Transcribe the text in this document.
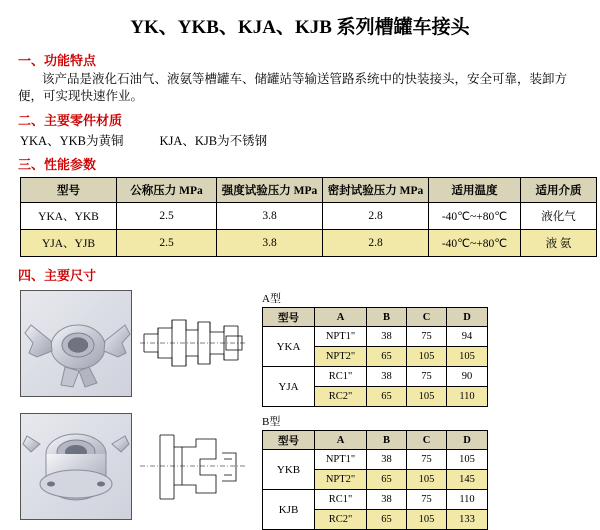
YK、YKB、KJA、KJB 系列槽罐车接头
一、功能特点
该产品是液化石油气、液氨等槽罐车、储罐站等输送管路系统中的快装接头，安全可靠，装卸方便，可实现快速作业。
二、主要零件材质
YKA、YKB为黄铜	KJA、KJB为不锈钢
三、性能参数
型号	公称压力 MPa	强度试验压力 MPa	密封试验压力 MPa	适用温度	适用介质
YKA、YKB	2.5	3.8	2.8	-40℃~+80℃	液化气
YJA、YJB	2.5	3.8	2.8	-40℃~+80℃	液 氨
四、主要尺寸
A型
型号	A	B	C	D
YKA	NPT1"	38	75	94
	NPT2"	65	105	105
YJA	RC1"	38	75	90
	RC2"	65	105	110
B型
型号	A	B	C	D
YKB	NPT1"	38	75	105
	NPT2"	65	105	145
KJB	RC1"	38	75	110
	RC2"	65	105	133
